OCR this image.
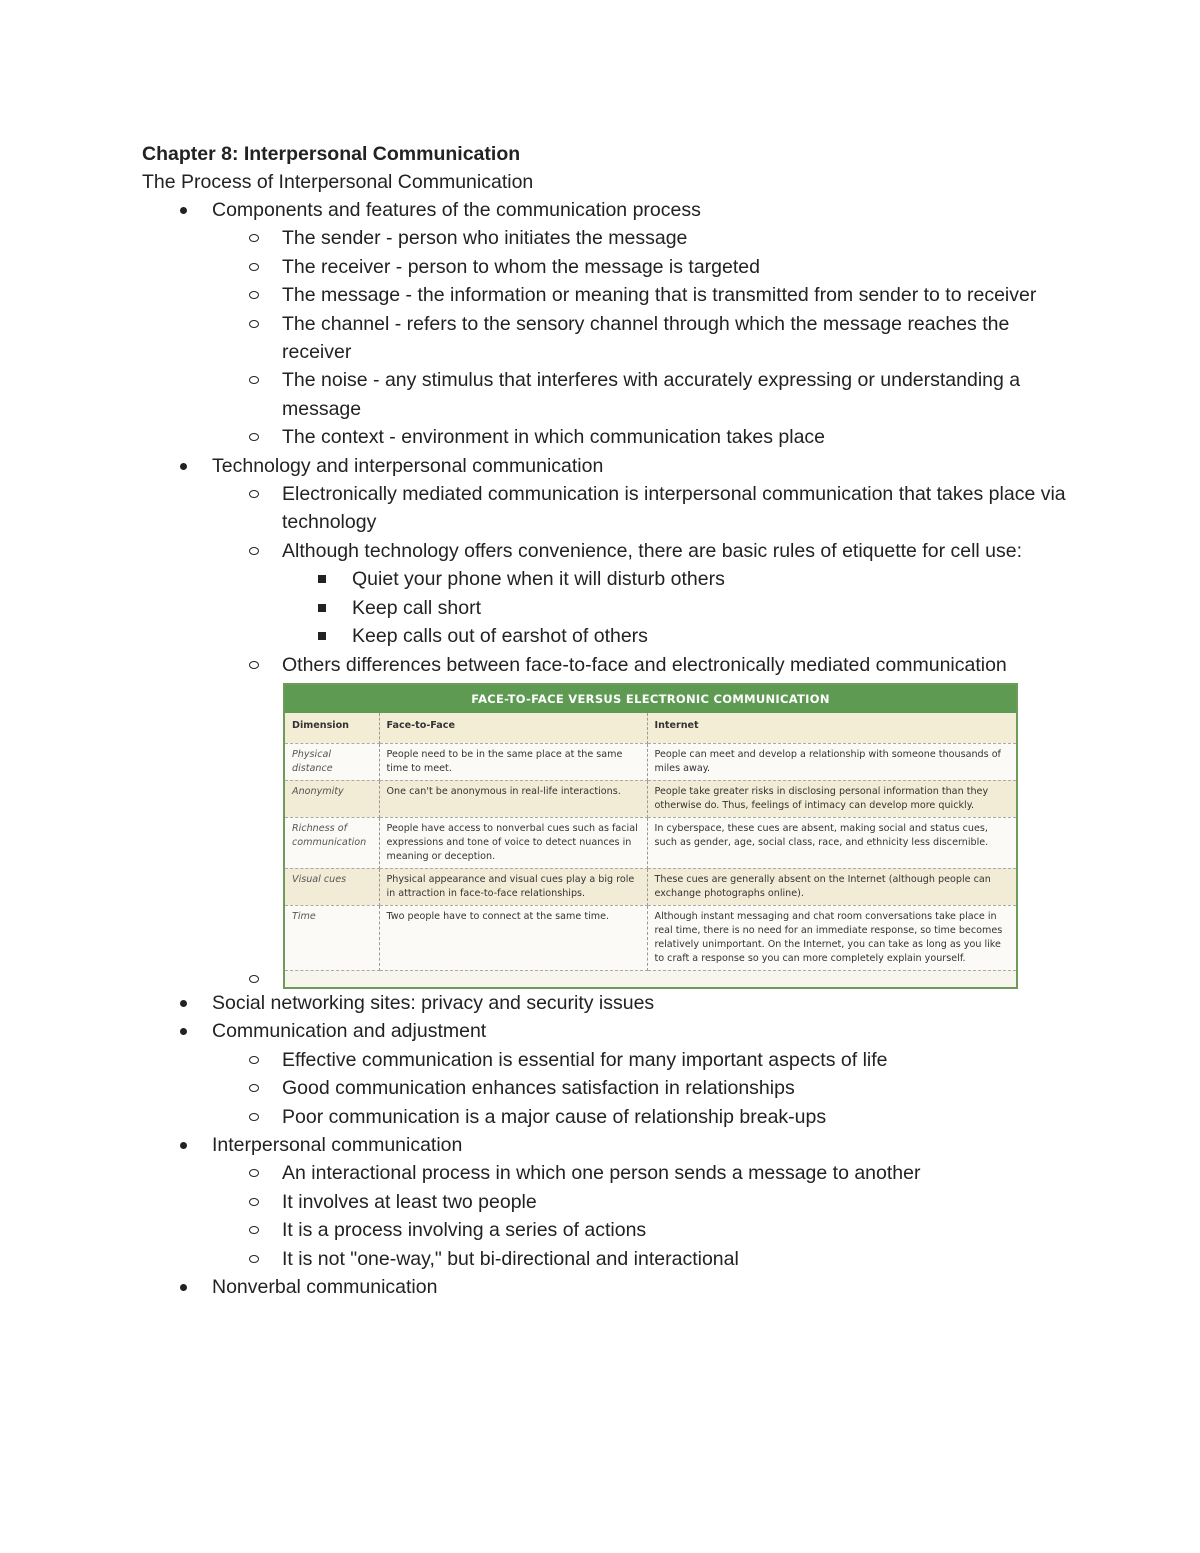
Chapter 8: Interpersonal Communication
The Process of Interpersonal Communication
Components and features of the communication process
The sender - person who initiates the message
The receiver - person to whom the message is targeted
The message - the information or meaning that is transmitted from sender to to receiver
The channel - refers to the sensory channel through which the message reaches the receiver
The noise - any stimulus that interferes with accurately expressing or understanding a message
The context - environment in which communication takes place
Technology and interpersonal communication
Electronically mediated communication is interpersonal communication that takes place via technology
Although technology offers convenience, there are basic rules of etiquette for cell use:
Quiet your phone when it will disturb others
Keep call short
Keep calls out of earshot of others
Others differences between face-to-face and electronically mediated communication
FACE-TO-FACE VERSUS ELECTRONIC COMMUNICATION
Dimension	Face-to-Face	Internet
Physical distance	People need to be in the same place at the same time to meet.	People can meet and develop a relationship with someone thousands of miles away.
Anonymity	One can't be anonymous in real-life interactions.	People take greater risks in disclosing personal information than they otherwise do. Thus, feelings of intimacy can develop more quickly.
Richness of communication	People have access to nonverbal cues such as facial expressions and tone of voice to detect nuances in meaning or deception.	In cyberspace, these cues are absent, making social and status cues, such as gender, age, social class, race, and ethnicity less discernible.
Visual cues	Physical appearance and visual cues play a big role in attraction in face-to-face relationships.	These cues are generally absent on the Internet (although people can exchange photographs online).
Time	Two people have to connect at the same time.	Although instant messaging and chat room conversations take place in real time, there is no need for an immediate response, so time becomes relatively unimportant. On the Internet, you can take as long as you like to craft a response so you can more completely explain yourself.
Social networking sites: privacy and security issues
Communication and adjustment
Effective communication is essential for many important aspects of life
Good communication enhances satisfaction in relationships
Poor communication is a major cause of relationship break-ups
Interpersonal communication
An interactional process in which one person sends a message to another
It involves at least two people
It is a process involving a series of actions
It is not "one-way," but bi-directional and interactional
Nonverbal communication
